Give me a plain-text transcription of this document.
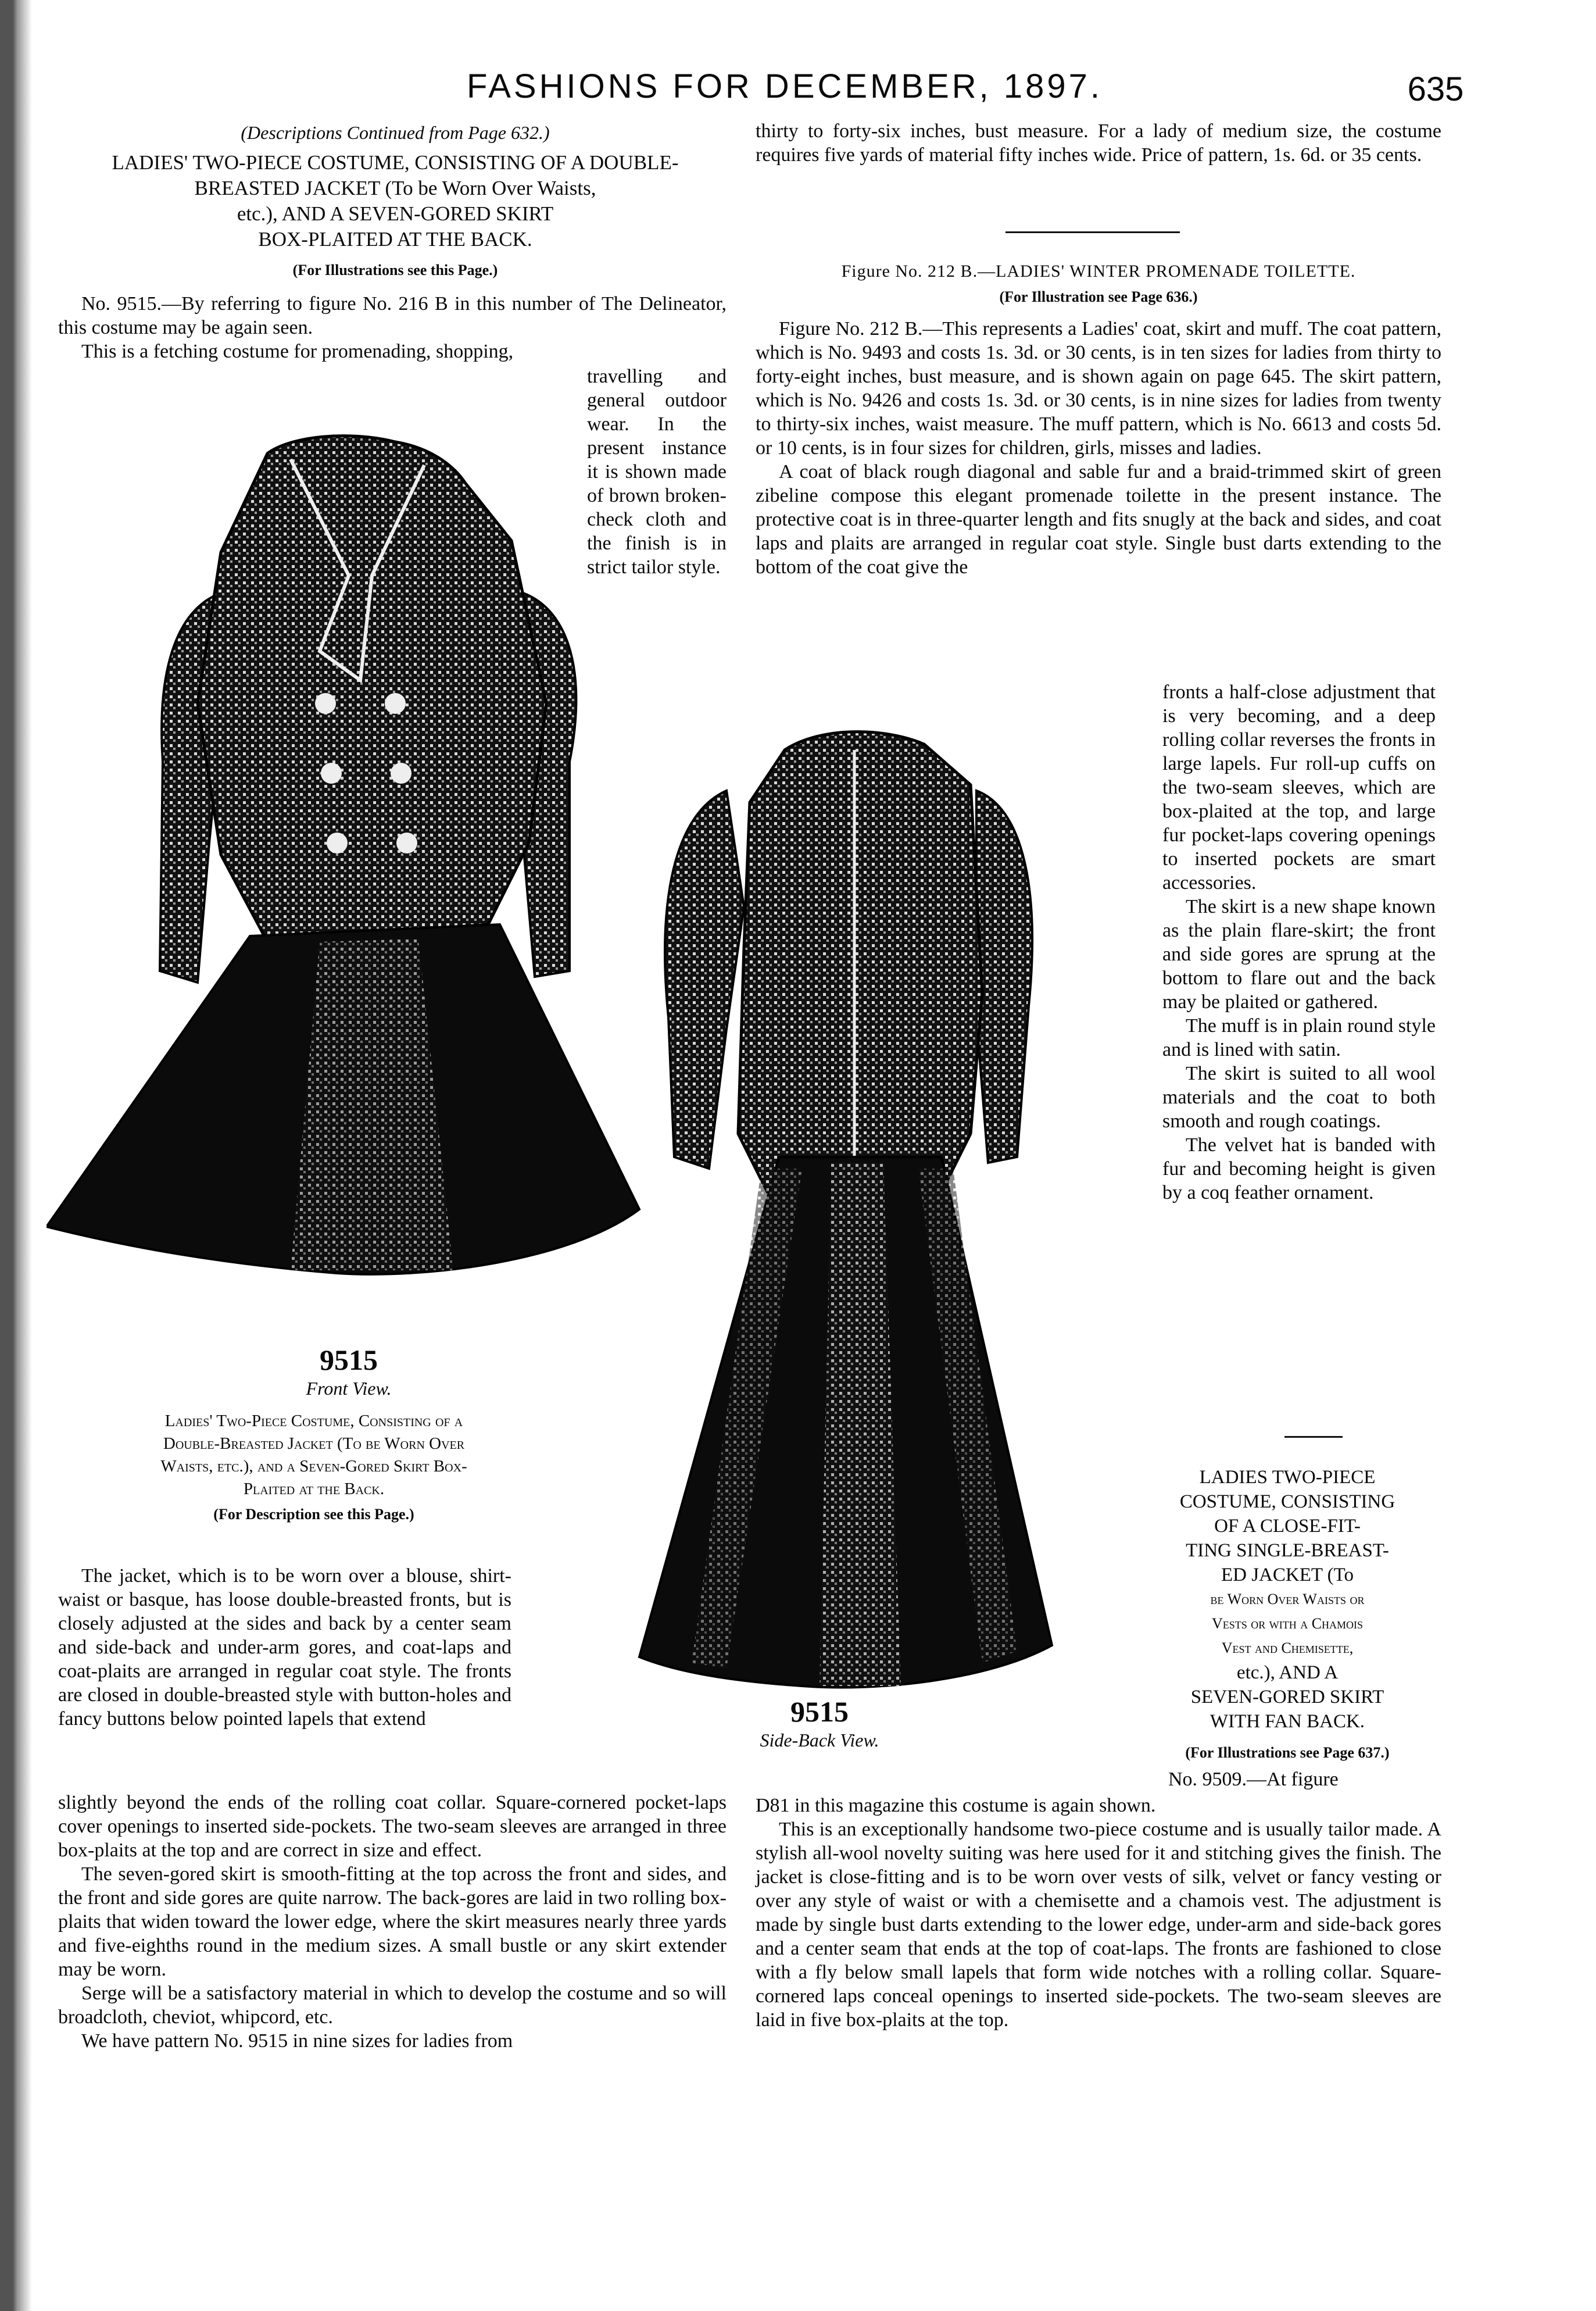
FASHIONS FOR DECEMBER, 1897.	635
(Descriptions Continued from Page 632.)
LADIES' TWO-PIECE COSTUME, CONSISTING OF A DOUBLE-
BREASTED JACKET (To be Worn Over Waists,
etc.), AND A SEVEN-GORED SKIRT
BOX-PLAITED AT THE BACK.
(For Illustrations see this Page.)

No. 9515.—By referring to figure No. 216 B in this number of The Delineator, this costume may be again seen.

This is a fetching costume for promenading, shopping,

travelling and general outdoor wear. In the present instance it is shown made of brown broken-check cloth and the finish is in strict tailor style.
9515
Front View.
Ladies' Two-Piece Costume, Consisting of a
Double-Breasted Jacket (To be Worn Over
Waists, etc.), and a Seven-Gored Skirt Box-
Plaited at the Back.
(For Description see this Page.)

The jacket, which is to be worn over a blouse, shirt-waist or basque, has loose double-breasted fronts, but is closely adjusted at the sides and back by a center seam and side-back and under-arm gores, and coat-laps and coat-plaits are arranged in regular coat style. The fronts are closed in double-breasted style with button-holes and fancy buttons below pointed lapels that extend

slightly beyond the ends of the rolling coat collar. Square-cornered pocket-laps cover openings to inserted side-pockets. The two-seam sleeves are arranged in three box-plaits at the top and are correct in size and effect.

The seven-gored skirt is smooth-fitting at the top across the front and sides, and the front and side gores are quite narrow. The back-gores are laid in two rolling box-plaits that widen toward the lower edge, where the skirt measures nearly three yards and five-eighths round in the medium sizes. A small bustle or any skirt extender may be worn.

Serge will be a satisfactory material in which to develop the costume and so will broadcloth, cheviot, whipcord, etc.

We have pattern No. 9515 in nine sizes for ladies from

thirty to forty-six inches, bust measure. For a lady of medium size, the costume requires five yards of material fifty inches wide. Price of pattern, 1s. 6d. or 35 cents.

Figure No. 212 B.—LADIES' WINTER PROMENADE TOILETTE.
(For Illustration see Page 636.)

Figure No. 212 B.—This represents a Ladies' coat, skirt and muff. The coat pattern, which is No. 9493 and costs 1s. 3d. or 30 cents, is in ten sizes for ladies from thirty to forty-eight inches, bust measure, and is shown again on page 645. The skirt pattern, which is No. 9426 and costs 1s. 3d. or 30 cents, is in nine sizes for ladies from twenty to thirty-six inches, waist measure. The muff pattern, which is No. 6613 and costs 5d. or 10 cents, is in four sizes for children, girls, misses and ladies.

A coat of black rough diagonal and sable fur and a braid-trimmed skirt of green zibeline compose this elegant promenade toilette in the present instance. The protective coat is in three-quarter length and fits snugly at the back and sides, and coat laps and plaits are arranged in regular coat style. Single bust darts extending to the bottom of the coat give the

fronts a half-close adjustment that is very becoming, and a deep rolling collar reverses the fronts in large lapels. Fur roll-up cuffs on the two-seam sleeves, which are box-plaited at the top, and large fur pocket-laps covering openings to inserted pockets are smart accessories.

The skirt is a new shape known as the plain flare-skirt; the front and side gores are sprung at the bottom to flare out and the back may be plaited or gathered.

The muff is in plain round style and is lined with satin.

The skirt is suited to all wool materials and the coat to both smooth and rough coatings.

The velvet hat is banded with fur and becoming height is given by a coq feather ornament.

9515
Side-Back View.
LADIES TWO-PIECE
COSTUME, CONSISTING
OF A CLOSE-FIT-
TING SINGLE-BREAST-
ED JACKET (To
be Worn Over Waists or
Vests or with a Chamois
Vest and Chemisette,
etc.), AND A
SEVEN-GORED SKIRT
WITH FAN BACK.
(For Illustrations see Page 637.)
No. 9509.—At figure

D81 in this magazine this costume is again shown.

This is an exceptionally handsome two-piece costume and is usually tailor made. A stylish all-wool novelty suiting was here used for it and stitching gives the finish. The jacket is close-fitting and is to be worn over vests of silk, velvet or fancy vesting or over any style of waist or with a chemisette and a chamois vest. The adjustment is made by single bust darts extending to the lower edge, under-arm and side-back gores and a center seam that ends at the top of coat-laps. The fronts are fashioned to close with a fly below small lapels that form wide notches with a rolling collar. Square-cornered laps conceal openings to inserted side-pockets. The two-seam sleeves are laid in five box-plaits at the top.
